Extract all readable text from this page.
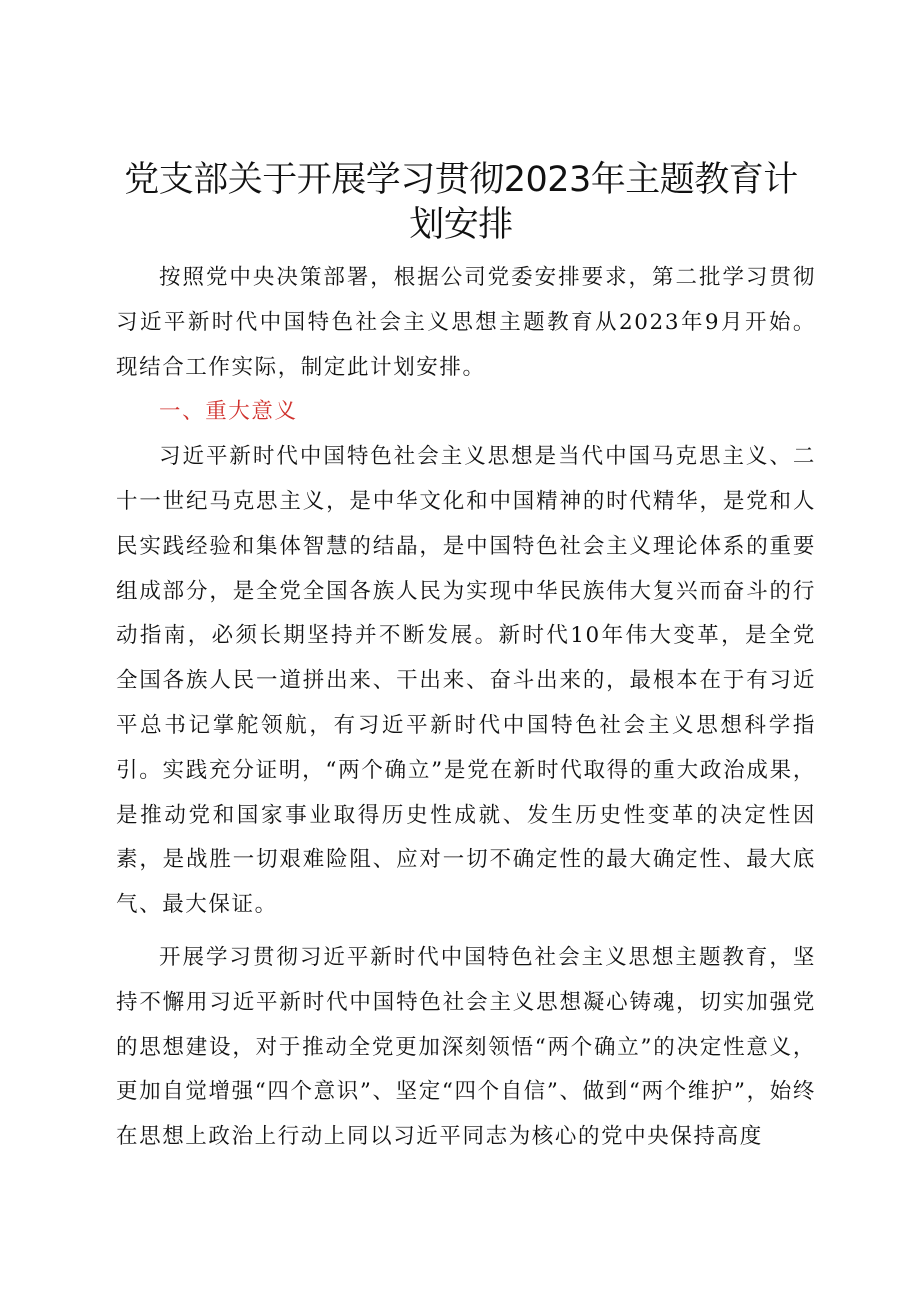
党支部关于开展学习贯彻2023年主题教育计
划安排

按照党中央决策部署，根据公司党委安排要求，第二批学习贯彻习近平新时代中国特色社会主义思想主题教育从2023年9月开始。现结合工作实际，制定此计划安排。

一、重大意义

习近平新时代中国特色社会主义思想是当代中国马克思主义、二十一世纪马克思主义，是中华文化和中国精神的时代精华，是党和人民实践经验和集体智慧的结晶，是中国特色社会主义理论体系的重要组成部分，是全党全国各族人民为实现中华民族伟大复兴而奋斗的行动指南，必须长期坚持并不断发展。新时代10年伟大变革，是全党全国各族人民一道拼出来、干出来、奋斗出来的，最根本在于有习近平总书记掌舵领航，有习近平新时代中国特色社会主义思想科学指引。实践充分证明，“两个确立”是党在新时代取得的重大政治成果，是推动党和国家事业取得历史性成就、发生历史性变革的决定性因素，是战胜一切艰难险阻、应对一切不确定性的最大确定性、最大底气、最大保证。

开展学习贯彻习近平新时代中国特色社会主义思想主题教育，坚持不懈用习近平新时代中国特色社会主义思想凝心铸魂，切实加强党的思想建设，对于推动全党更加深刻领悟“两个确立”的决定性意义，更加自觉增强“四个意识”、坚定“四个自信”、做到“两个维护”，始终在思想上政治上行动上同以习近平同志为核心的党中央保持高度
